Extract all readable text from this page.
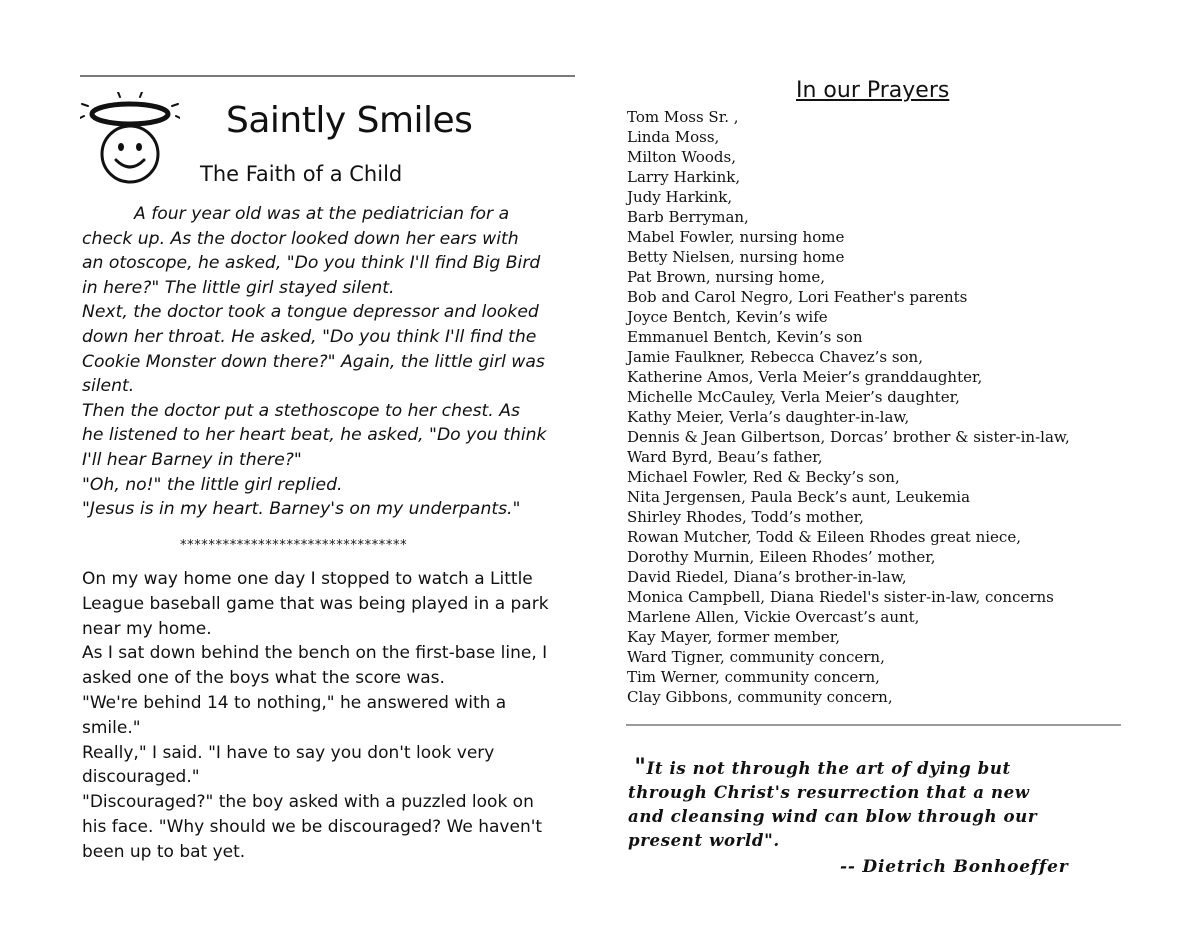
Saintly Smiles
The Faith of a Child

A four year old was at the pediatrician for a

check up. As the doctor looked down her ears with

an otoscope, he asked, "Do you think I'll find Big Bird

in here?" The little girl stayed silent.

Next, the doctor took a tongue depressor and looked

down her throat. He asked, "Do you think I'll find the

Cookie Monster down there?" Again, the little girl was

silent.

Then the doctor put a stethoscope to her chest. As

he listened to her heart beat, he asked, "Do you think

I'll hear Barney in there?"

"Oh, no!" the little girl replied.

"Jesus is in my heart. Barney's on my underpants."

********************************

On my way home one day I stopped to watch a Little

League baseball game that was being played in a park

near my home.

As I sat down behind the bench on the first-base line, I

asked one of the boys what the score was.

"We're behind 14 to nothing," he answered with a

smile."

Really," I said. "I have to say you don't look very

discouraged."

"Discouraged?" the boy asked with a puzzled look on

his face. "Why should we be discouraged? We haven't

been up to bat yet.

In our Prayers
Tom Moss Sr. ,
Linda Moss,
Milton Woods,
Larry Harkink,
Judy Harkink,
Barb Berryman,
Mabel Fowler, nursing home
Betty Nielsen, nursing home
Pat Brown, nursing home,
Bob and Carol Negro, Lori Feather's parents
Joyce Bentch, Kevin’s wife
Emmanuel Bentch, Kevin’s son
Jamie Faulkner, Rebecca Chavez’s son,
Katherine Amos, Verla Meier’s granddaughter,
Michelle McCauley, Verla Meier’s daughter,
Kathy Meier, Verla’s daughter-in-law,
Dennis & Jean Gilbertson, Dorcas’ brother & sister-in-law,
Ward Byrd, Beau’s father,
Michael Fowler, Red & Becky’s son,
Nita Jergensen, Paula Beck’s aunt, Leukemia
Shirley Rhodes, Todd’s mother,
Rowan Mutcher, Todd & Eileen Rhodes great niece,
Dorothy Murnin, Eileen Rhodes’ mother,
David Riedel, Diana’s brother-in-law,
Monica Campbell, Diana Riedel's sister-in-law, concerns
Marlene Allen, Vickie Overcast’s aunt,
Kay Mayer, former member,
Ward Tigner, community concern,
Tim Werner, community concern,
Clay Gibbons, community concern,

"It is not through the art of dying but

through Christ's resurrection that a new

and cleansing wind can blow through our

present world".

-- Dietrich Bonhoeffer
